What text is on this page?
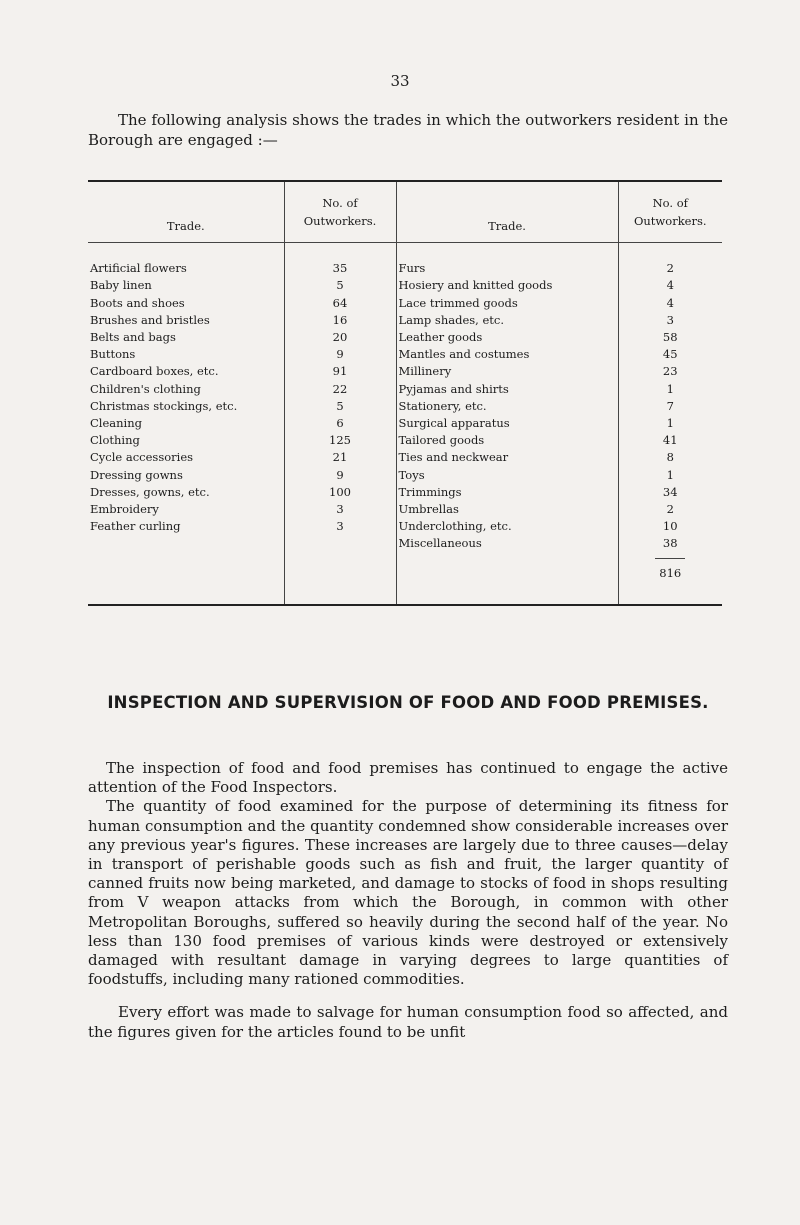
33

The following analysis shows the trades in which the outworkers resident in the Borough are engaged :—

Trade.	No. of Outworkers.	Trade.	No. of Outworkers.

Artificial flowers	35	Furs	2
Baby linen	5	Hosiery and knitted goods	4
Boots and shoes	64	Lace trimmed goods	4
Brushes and bristles	16	Lamp shades, etc.	3
Belts and bags	20	Leather goods	58
Buttons	9	Mantles and costumes	45
Cardboard boxes, etc.	91	Millinery	23
Children's clothing	22	Pyjamas and shirts	1
Christmas stockings, etc.	5	Stationery, etc.	7
Cleaning	6	Surgical apparatus	1
Clothing	125	Tailored goods	41
Cycle accessories	21	Ties and neckwear	8
Dressing gowns	9	Toys	1
Dresses, gowns, etc.	100	Trimmings	34
Embroidery	3	Umbrellas	2
Feather curling	3	Underclothing, etc.	10
		Miscellaneous	38
			816

INSPECTION AND SUPERVISION OF FOOD AND FOOD PREMISES.

The inspection of food and food premises has continued to engage the active attention of the Food Inspectors.

The quantity of food examined for the purpose of determining its fitness for human consumption and the quantity condemned show considerable increases over any previous year's figures. These increases are largely due to three causes—delay in transport of perishable goods such as fish and fruit, the larger quantity of canned fruits now being marketed, and damage to stocks of food in shops resulting from V weapon attacks from which the Borough, in common with other Metropolitan Boroughs, suffered so heavily during the second half of the year. No less than 130 food premises of various kinds were destroyed or extensively damaged with resultant damage in varying degrees to large quantities of foodstuffs, including many rationed commodities.

Every effort was made to salvage for human consumption food so affected, and the figures given for the articles found to be unfit
